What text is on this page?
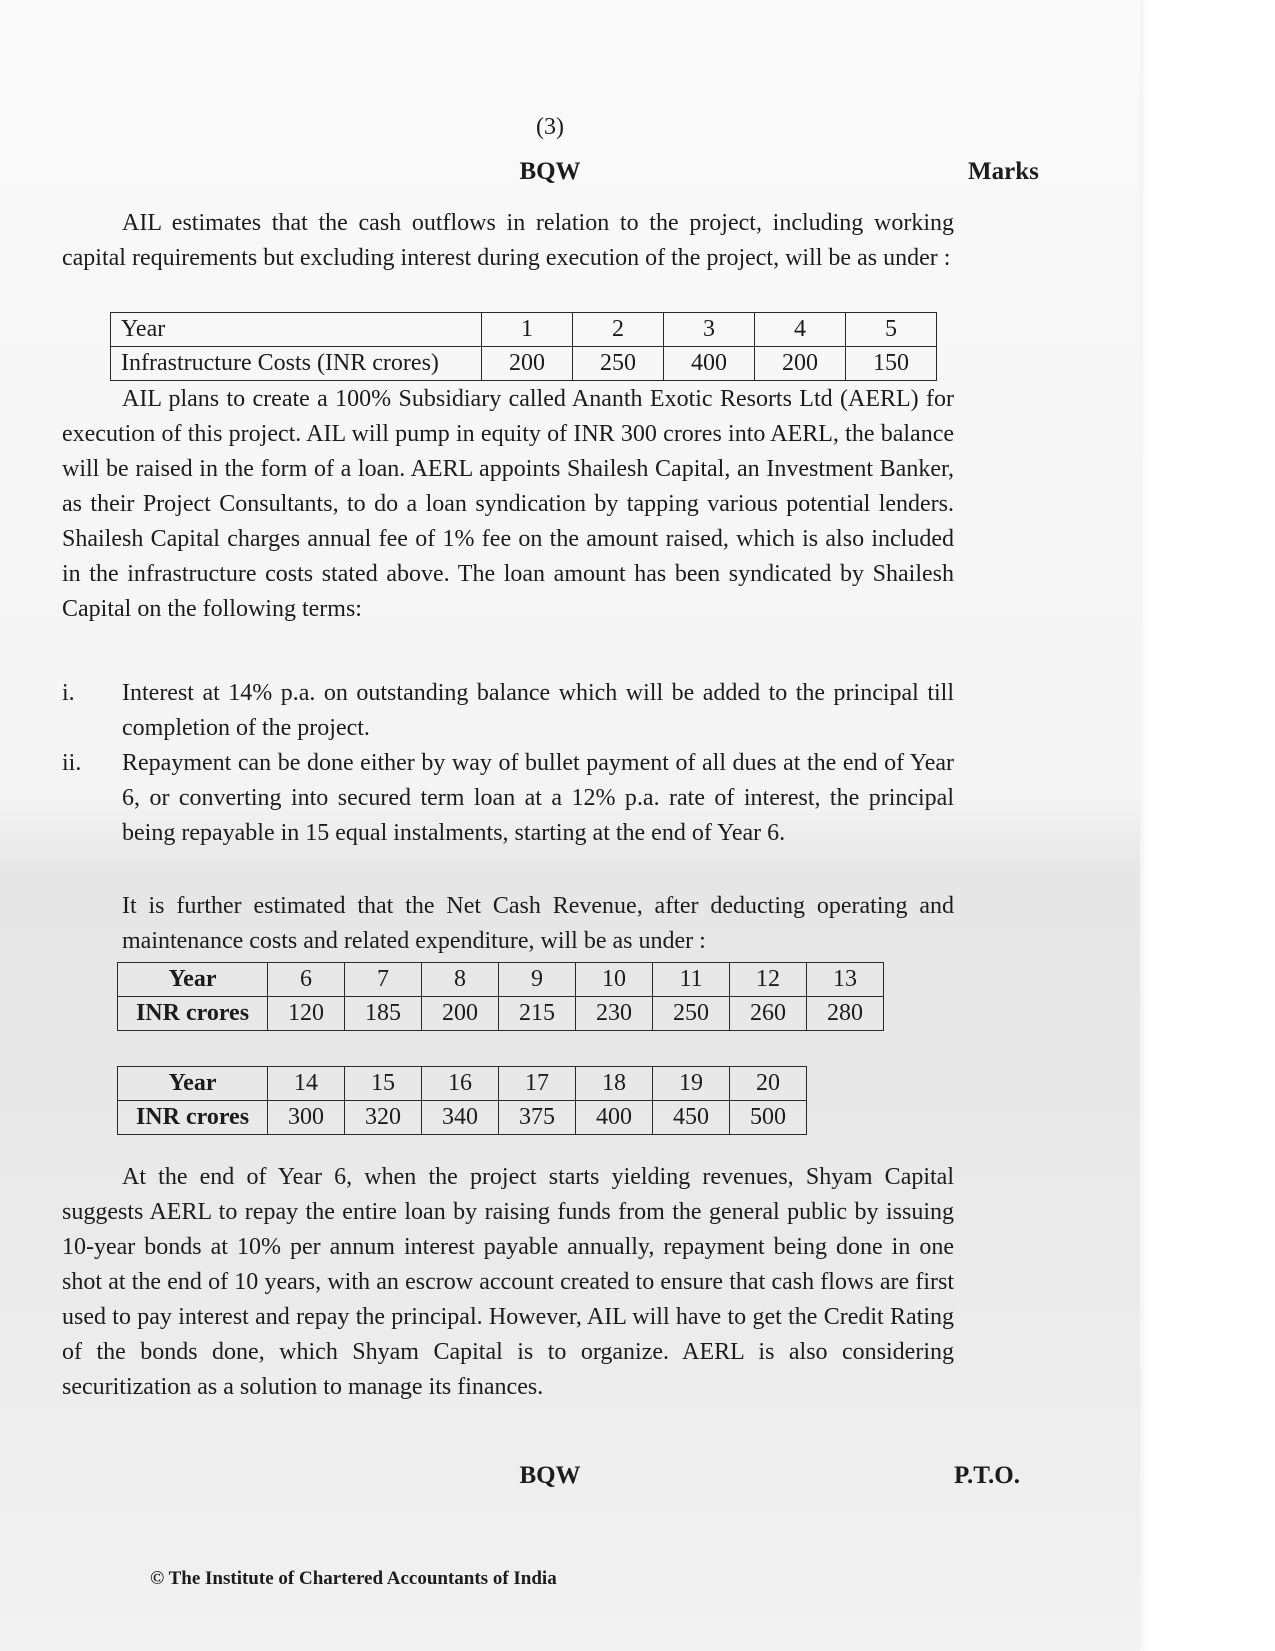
(3)
BQW	Marks
AIL estimates that the cash outflows in relation to the project, including working capital requirements but excluding interest during execution of the project, will be as under :
Year	1	2	3	4	5
Infrastructure Costs (INR crores)	200	250	400	200	150
AIL plans to create a 100% Subsidiary called Ananth Exotic Resorts Ltd (AERL) for execution of this project. AIL will pump in equity of INR 300 crores into AERL, the balance will be raised in the form of a loan. AERL appoints Shailesh Capital, an Investment Banker, as their Project Consultants, to do a loan syndication by tapping various potential lenders. Shailesh Capital charges annual fee of 1% fee on the amount raised, which is also included in the infrastructure costs stated above. The loan amount has been syndicated by Shailesh Capital on the following terms:
i.	Interest at 14% p.a. on outstanding balance which will be added to the principal till completion of the project.
ii.	Repayment can be done either by way of bullet payment of all dues at the end of Year 6, or converting into secured term loan at a 12% p.a. rate of interest, the principal being repayable in 15 equal instalments, starting at the end of Year 6.
It is further estimated that the Net Cash Revenue, after deducting operating and maintenance costs and related expenditure, will be as under :
Year	6	7	8	9	10	11	12	13
INR crores	120	185	200	215	230	250	260	280
Year	14	15	16	17	18	19	20
INR crores	300	320	340	375	400	450	500
At the end of Year 6, when the project starts yielding revenues, Shyam Capital suggests AERL to repay the entire loan by raising funds from the general public by issuing 10-year bonds at 10% per annum interest payable annually, repayment being done in one shot at the end of 10 years, with an escrow account created to ensure that cash flows are first used to pay interest and repay the principal. However, AIL will have to get the Credit Rating of the bonds done, which Shyam Capital is to organize. AERL is also considering securitization as a solution to manage its finances.
BQW	P.T.O.
© The Institute of Chartered Accountants of India
